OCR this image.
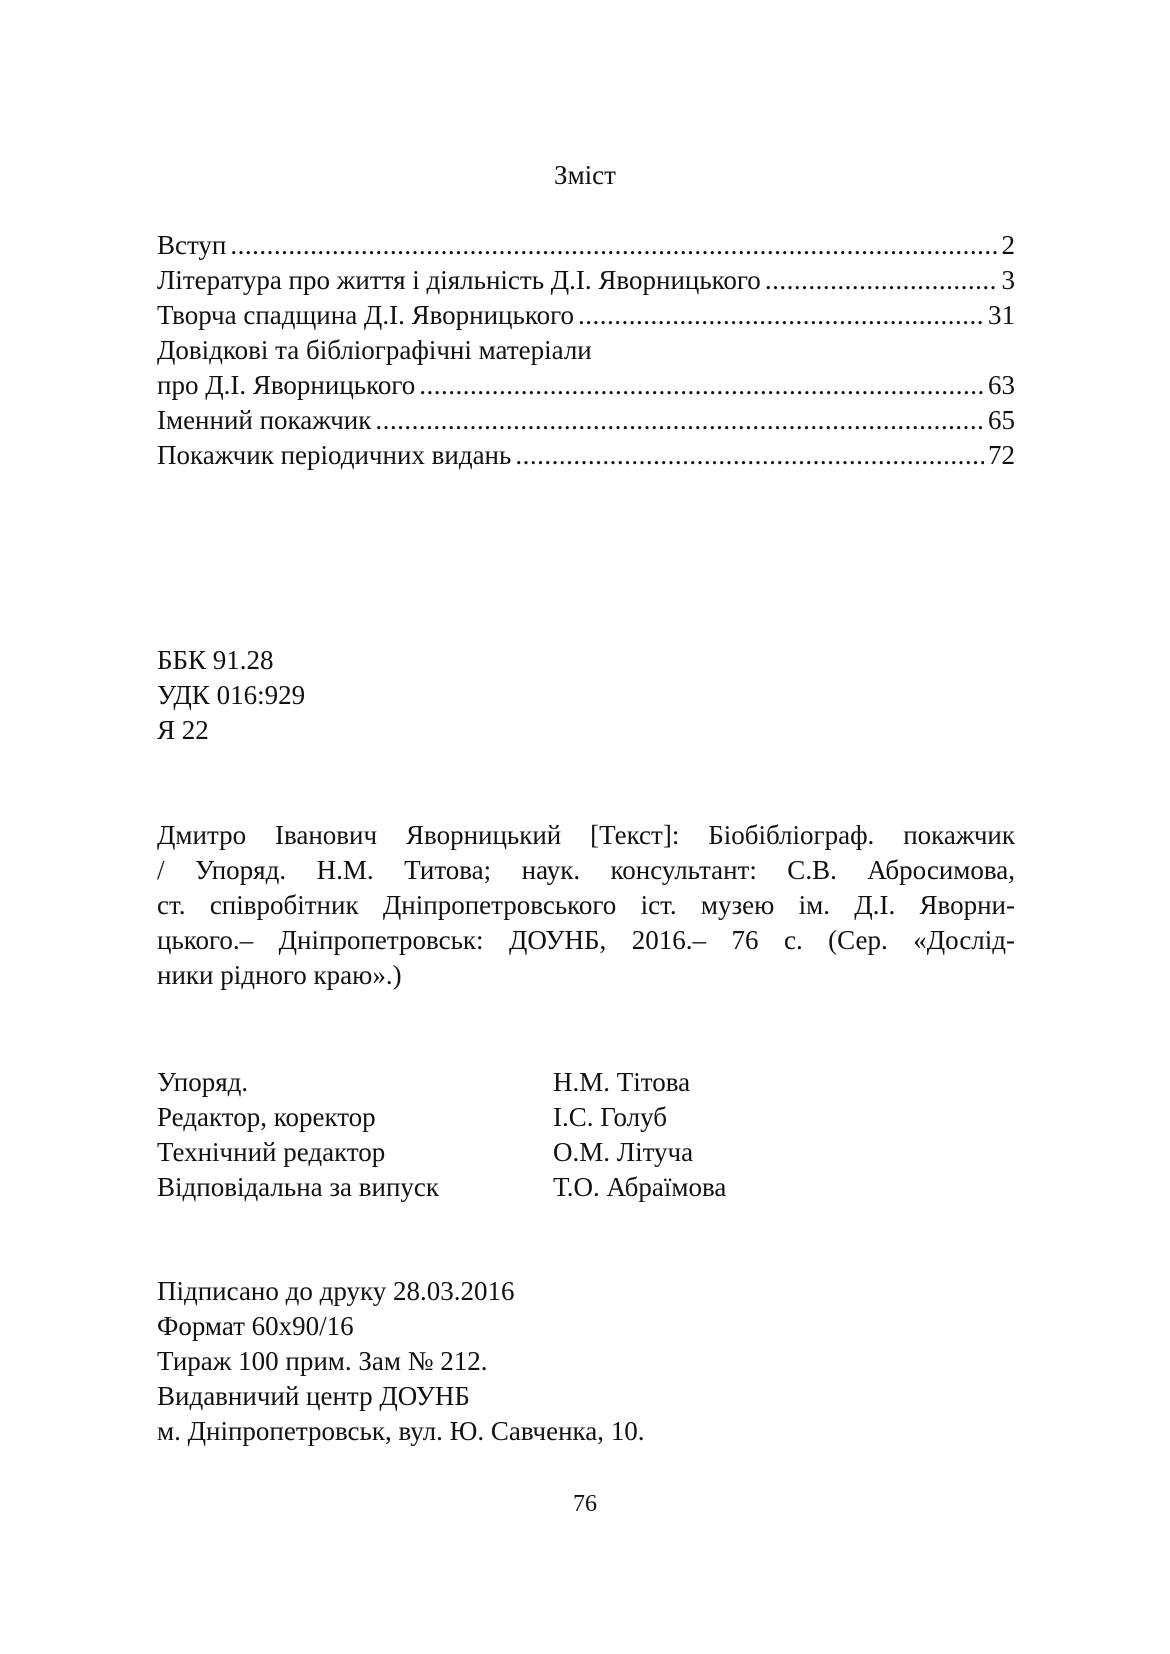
Зміст
Вступ .....	2
Література про життя і діяльність Д.І. Яворницького .....	3
Творча спадщина Д.І. Яворницького .....	31
Довідкові та бібліографічні матеріали
про Д.І. Яворницького .....	63
Іменний покажчик .....	65
Покажчик періодичних видань .....	72
ББК 91.28
УДК 016:929
Я 22
Дмитро Іванович Яворницький [Текст]: Біобібліограф. покажчик
/ Упоряд. Н.М. Титова; наук. консультант: С.В. Абросимова,
ст. співробітник Дніпропетровського іст. музею ім. Д.І. Яворни-
цького.– Дніпропетровськ: ДОУНБ, 2016.– 76 с. (Сер. «Дослід-
ники рідного краю».)
Упоряд.	Н.М. Тітова
Редактор, коректор	І.С. Голуб
Технічний редактор	О.М. Літуча
Відповідальна за випуск	Т.О. Абраїмова
Підписано до друку 28.03.2016
Формат 60х90/16
Тираж 100 прим. Зам № 212.
Видавничий центр ДОУНБ
м. Дніпропетровськ, вул. Ю. Савченка, 10.
76
